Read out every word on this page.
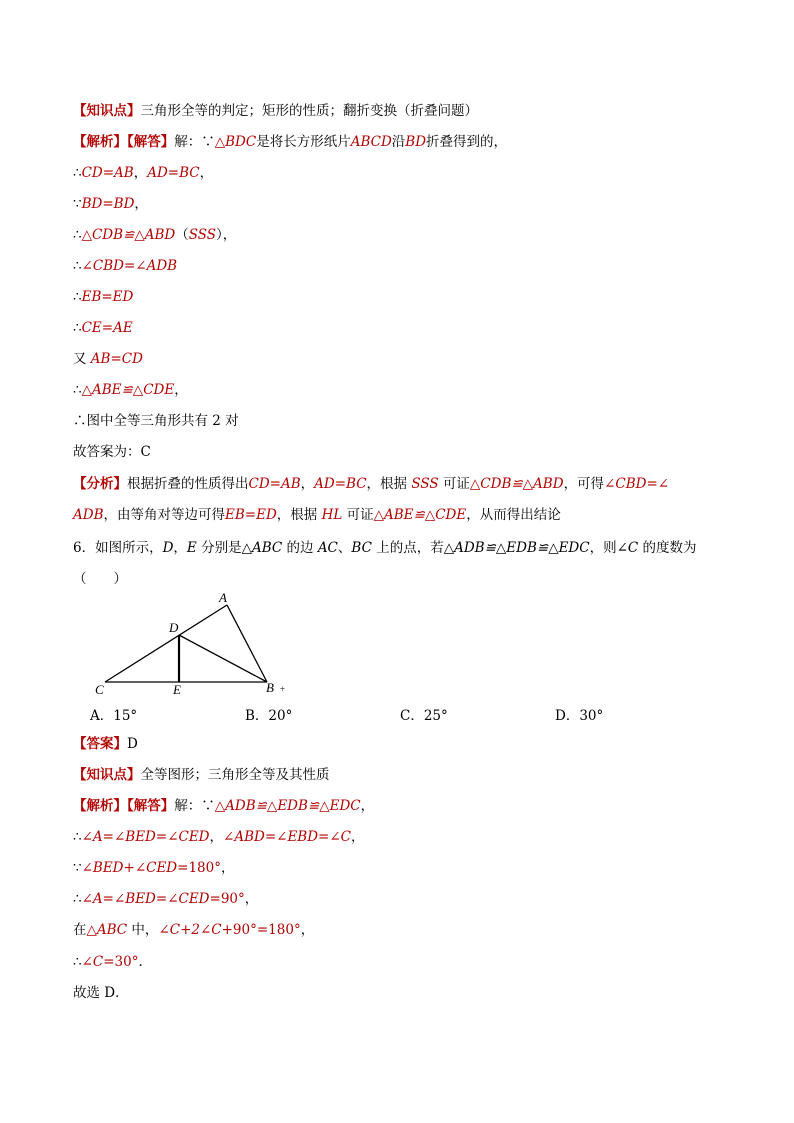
【知识点】三角形全等的判定；矩形的性质；翻折变换（折叠问题）
【解析】【解答】解：∵△BDC是将长方形纸片ABCD沿BD折叠得到的，
∴CD=AB，AD=BC，
∵BD=BD，
∴△CDB≌△ABD（SSS），
∴∠CBD=∠ADB
∴EB=ED
∴CE=AE
又 AB=CD
∴△ABE≌△CDE，
∴图中全等三角形共有 2 对
故答案为：C
【分析】根据折叠的性质得出CD=AB，AD=BC，根据 SSS 可证△CDB≌△ABD，可得∠CBD=∠
ADB，由等角对等边可得EB=ED，根据 HL 可证△ABE≌△CDE，从而得出结论
6．如图所示，D，E 分别是△ABC 的边 AC、BC 上的点，若△ADB≌△EDB≌△EDC，则∠C 的度数为
（　　）
A
D
C	E	B +
A．15°	B．20°	C．25°	D．30°
【答案】D
【知识点】全等图形；三角形全等及其性质
【解析】【解答】解：∵△ADB≌△EDB≌△EDC，
∴∠A=∠BED=∠CED，∠ABD=∠EBD=∠C，
∵∠BED+∠CED=180°，
∴∠A=∠BED=∠CED=90°，
在△ABC 中，∠C+2∠C+90°=180°，
∴∠C=30°．
故选 D．
